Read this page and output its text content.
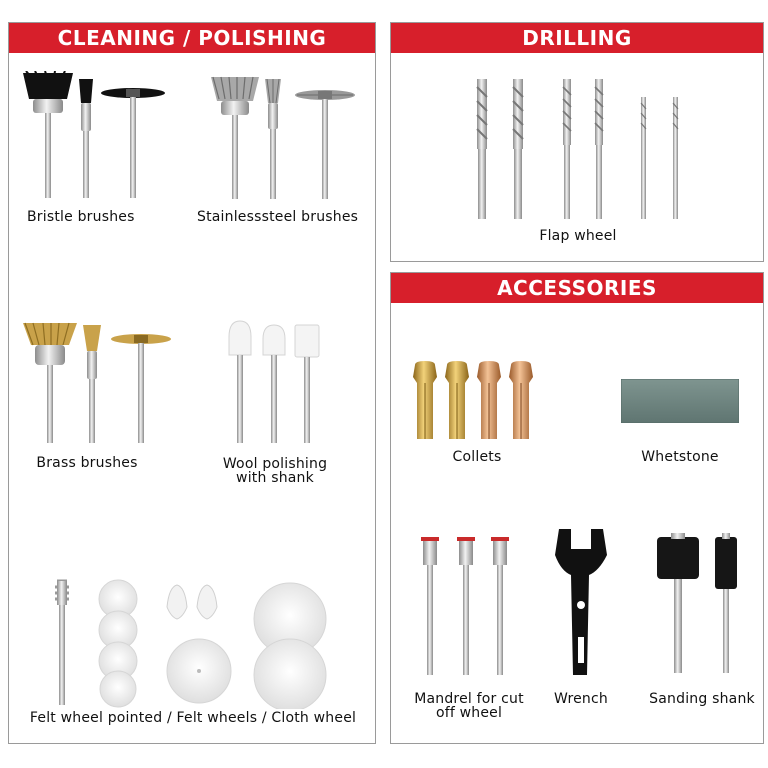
CLEANING / POLISHING
Bristle brushes	Stainlesssteel brushes
Brass brushes	Wool polishing
with shank
Felt wheel pointed / Felt wheels / Cloth wheel
DRILLING
Flap wheel
ACCESSORIES
Collets	Whetstone
Mandrel for cut
off wheel
Wrench	Sanding shank
